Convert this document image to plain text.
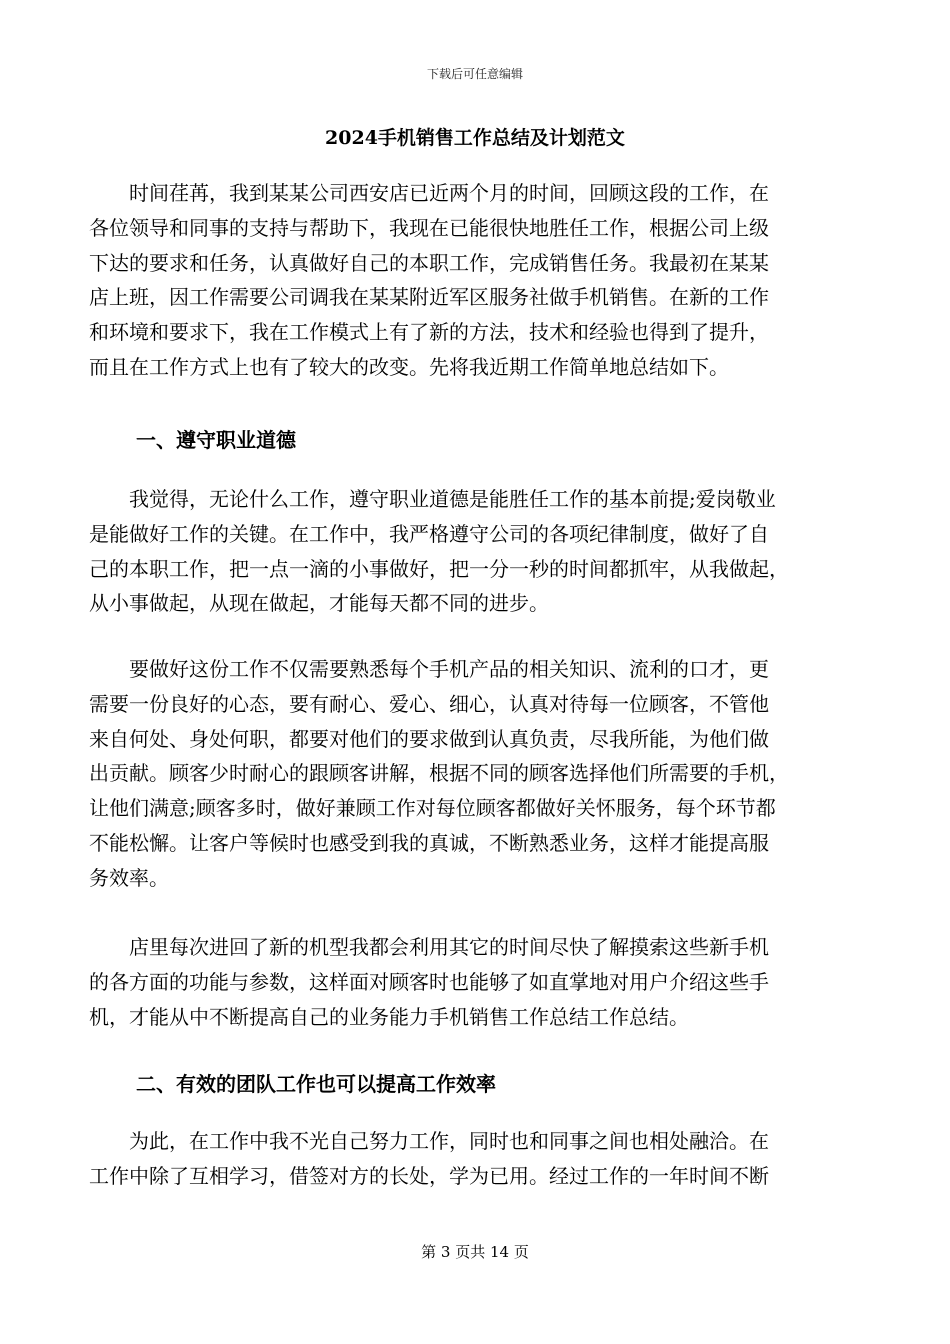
下载后可任意编辑
2024手机销售工作总结及计划范文
　　时间荏苒，我到某某公司西安店已近两个月的时间，回顾这段的工作，在
各位领导和同事的支持与帮助下，我现在已能很快地胜任工作，根据公司上级
下达的要求和任务，认真做好自己的本职工作，完成销售任务。我最初在某某
店上班，因工作需要公司调我在某某附近军区服务社做手机销售。在新的工作
和环境和要求下，我在工作模式上有了新的方法，技术和经验也得到了提升，
而且在工作方式上也有了较大的改变。先将我近期工作简单地总结如下。
一、遵守职业道德
　　我觉得，无论什么工作，遵守职业道德是能胜任工作的基本前提;爱岗敬业
是能做好工作的关键。在工作中，我严格遵守公司的各项纪律制度，做好了自
己的本职工作，把一点一滴的小事做好，把一分一秒的时间都抓牢，从我做起，
从小事做起，从现在做起，才能每天都不同的进步。
　　要做好这份工作不仅需要熟悉每个手机产品的相关知识、流利的口才，更
需要一份良好的心态，要有耐心、爱心、细心，认真对待每一位顾客，不管他
来自何处、身处何职，都要对他们的要求做到认真负责，尽我所能，为他们做
出贡献。顾客少时耐心的跟顾客讲解，根据不同的顾客选择他们所需要的手机，
让他们满意;顾客多时，做好兼顾工作对每位顾客都做好关怀服务，每个环节都
不能松懈。让客户等候时也感受到我的真诚，不断熟悉业务，这样才能提高服
务效率。
　　店里每次进回了新的机型我都会利用其它的时间尽快了解摸索这些新手机
的各方面的功能与参数，这样面对顾客时也能够了如直掌地对用户介绍这些手
机，才能从中不断提高自己的业务能力手机销售工作总结工作总结。
二、有效的团队工作也可以提高工作效率
　　为此，在工作中我不光自己努力工作，同时也和同事之间也相处融洽。在
工作中除了互相学习，借签对方的长处，学为已用。经过工作的一年时间不断
第 3 页共 14 页
